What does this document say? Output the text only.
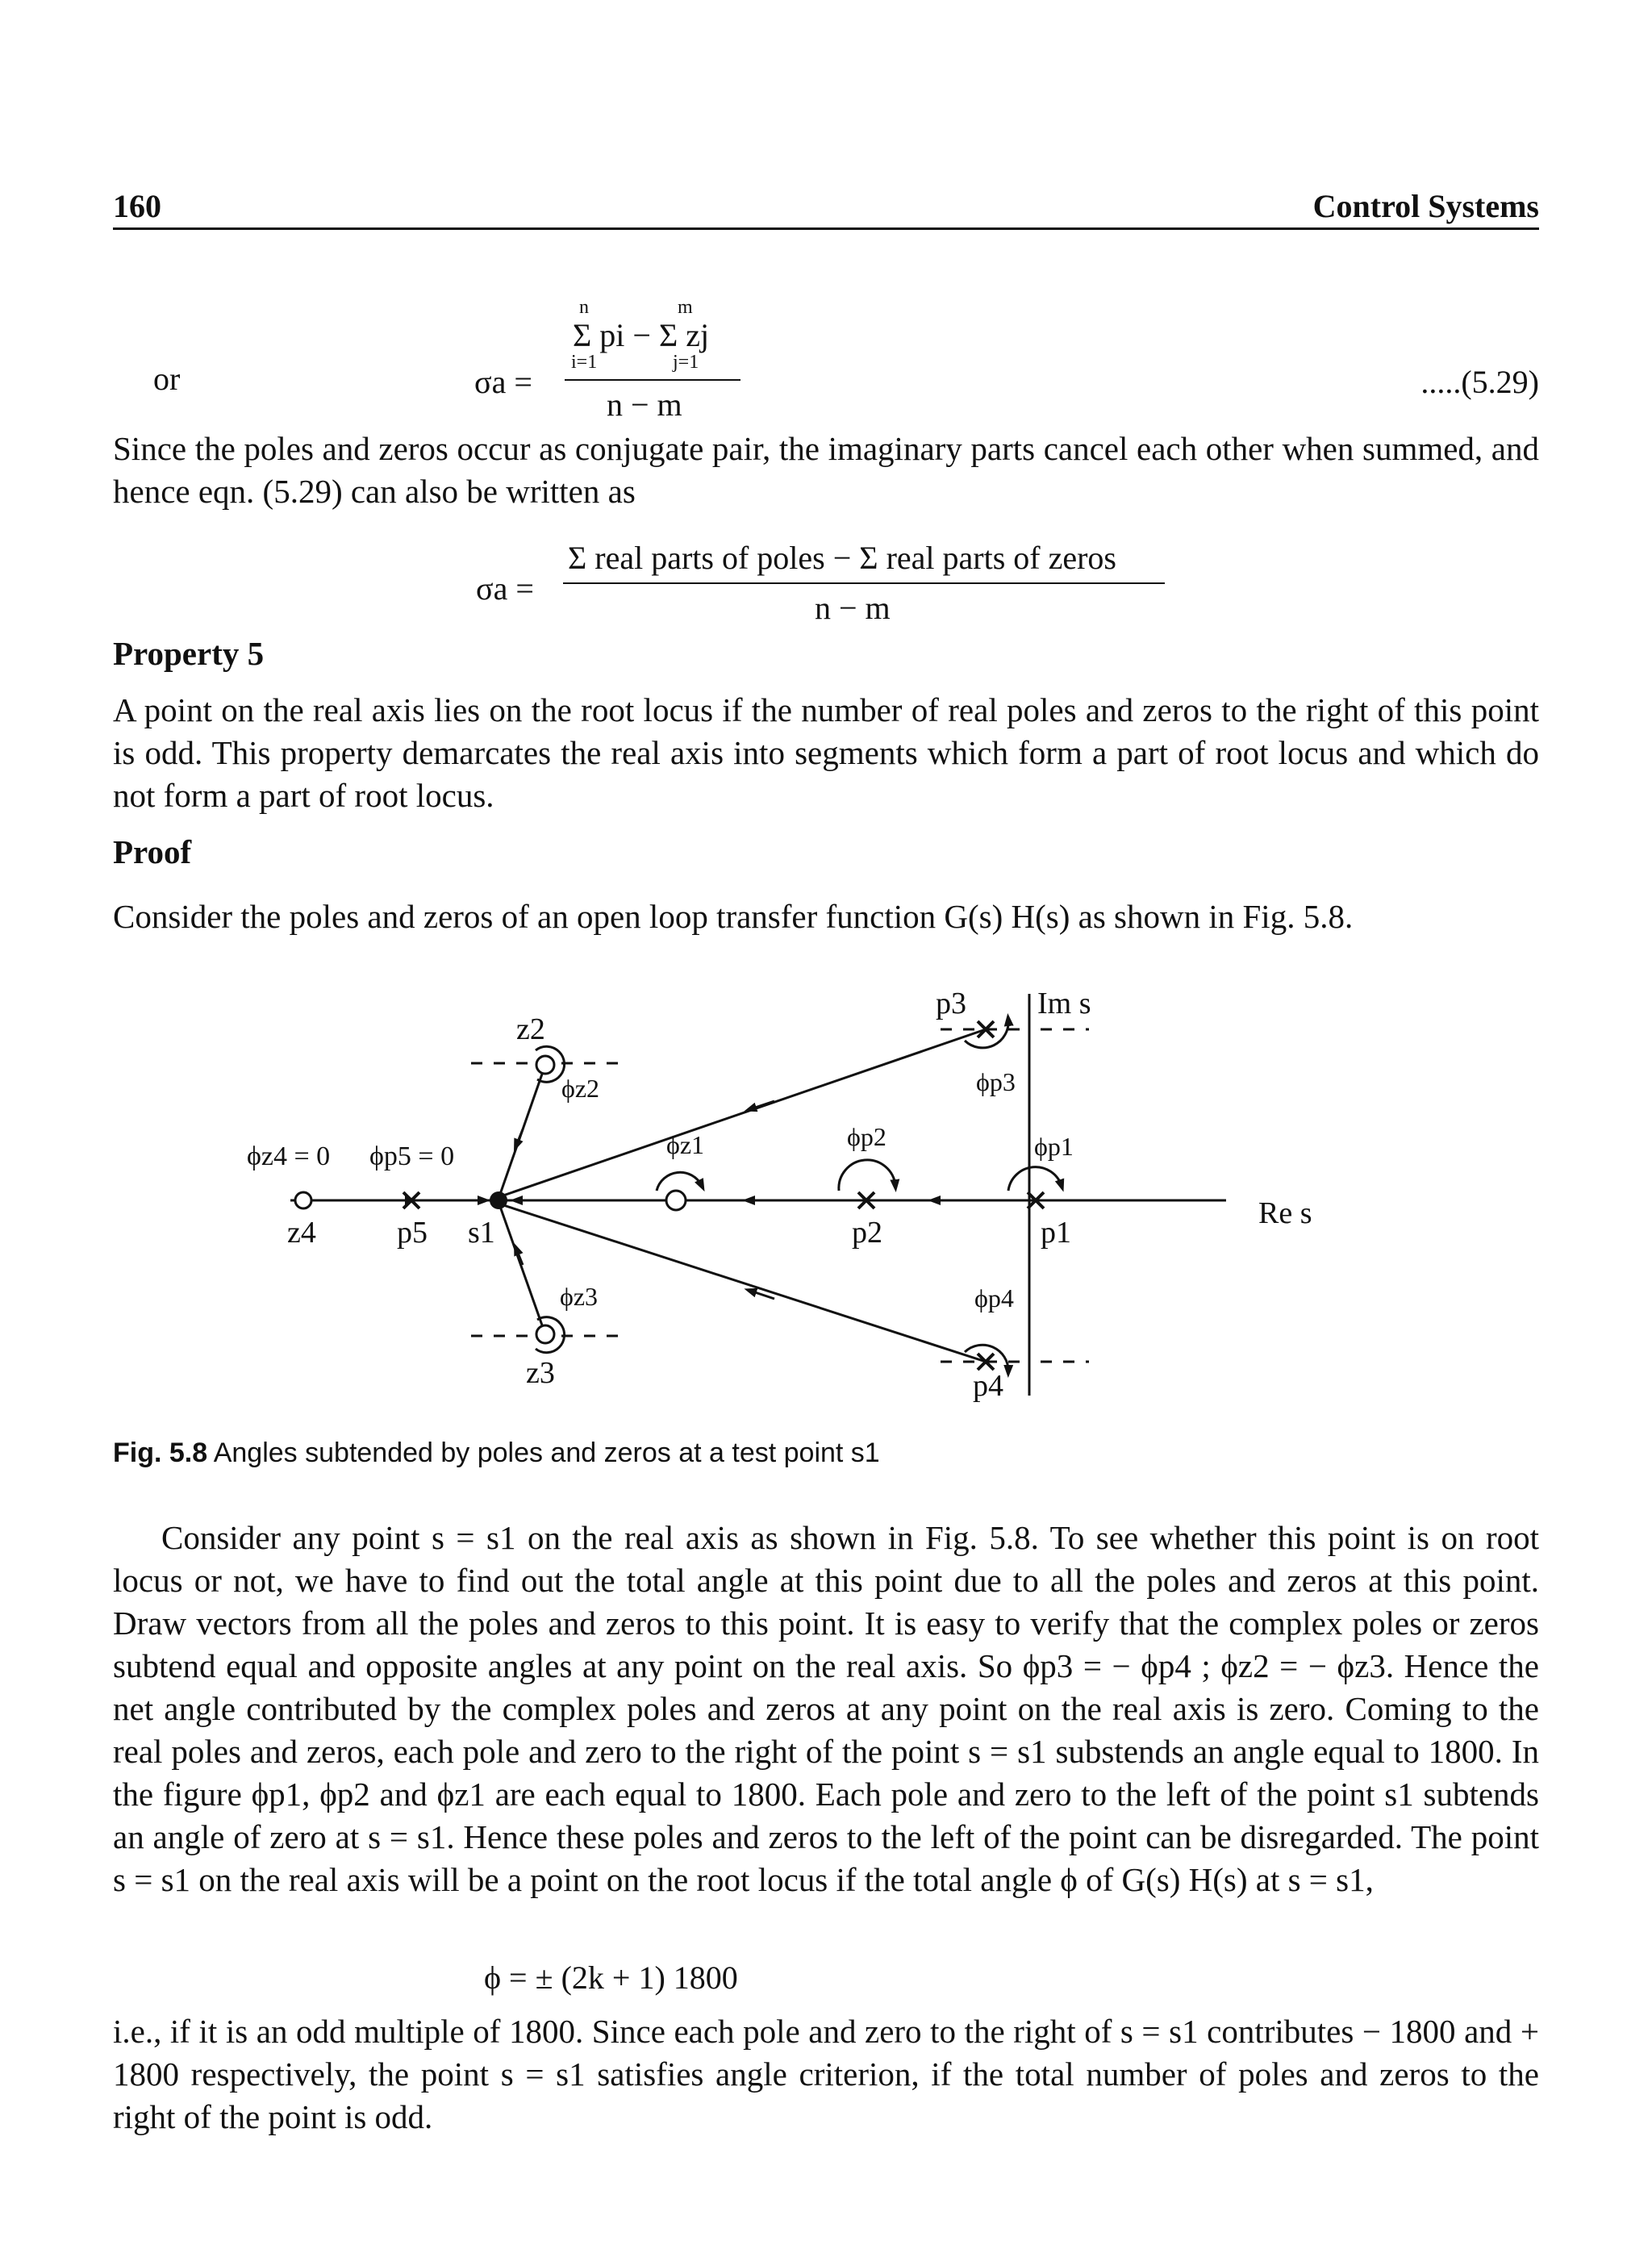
160	Control Systems
or	σa =
n	m
Σ pi − Σ zj
i=1	j=1
n − m
.....(5.29)
Since the poles and zeros occur as conjugate pair, the imaginary parts cancel each other when summed, and hence eqn. (5.29) can also be written as
σa =
Σ real parts of poles − Σ real parts of zeros
n − m
Property 5
A point on the real axis lies on the root locus if the number of real poles and zeros to the right of this point is odd. This property demarcates the real axis into segments which form a part of root locus and which do not form a part of root locus.
Proof
Consider the poles and zeros of an open loop transfer function G(s) H(s) as shown in Fig. 5.8.
p3 Im s
ϕp3
z2
ϕz2
ϕz4 = 0 ϕp5 = 0	ϕz1	ϕp2	ϕp1
z4	p5 s1	p2	p1
Re s
ϕz3	ϕp4
z3	p4
Fig. 5.8 Angles subtended by poles and zeros at a test point s1
Consider any point s = s1 on the real axis as shown in Fig. 5.8. To see whether this point is on root locus or not, we have to find out the total angle at this point due to all the poles and zeros at this point. Draw vectors from all the poles and zeros to this point. It is easy to verify that the complex poles or zeros subtend equal and opposite angles at any point on the real axis. So ϕp3 = − ϕp4 ; ϕz2 = − ϕz3. Hence the net angle contributed by the complex poles and zeros at any point on the real axis is zero. Coming to the real poles and zeros, each pole and zero to the right of the point s = s1 substends an angle equal to 1800. In the figure ϕp1, ϕp2 and ϕz1 are each equal to 1800. Each pole and zero to the left of the point s1 subtends an angle of zero at s = s1. Hence these poles and zeros to the left of the point can be disregarded. The point s = s1 on the real axis will be a point on the root locus if the total angle ϕ of G(s) H(s) at s = s1,
ϕ = ± (2k + 1) 1800
i.e., if it is an odd multiple of 1800. Since each pole and zero to the right of s = s1 contributes − 1800 and + 1800 respectively, the point s = s1 satisfies angle criterion, if the total number of poles and zeros to the right of the point is odd.
